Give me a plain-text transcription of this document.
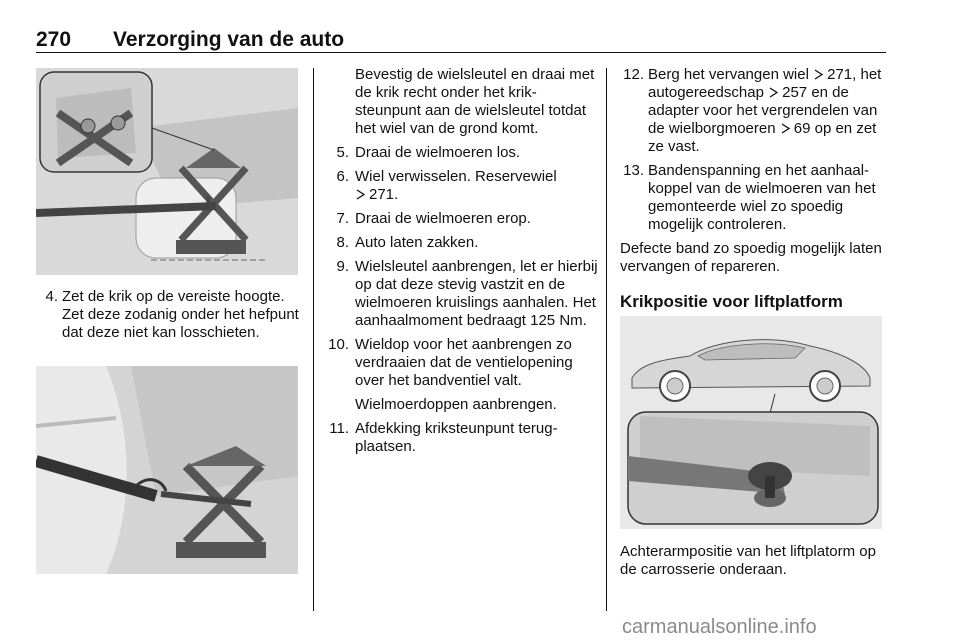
270 Verzorging van de auto
4. Zet de krik op de vereiste hoogte. Zet deze zodanig onder het hefpunt dat deze niet kan losschieten.

Bevestig de wielsleutel en draai met de krik recht onder het krik-steunpunt aan de wielsleutel totdat het wiel van de grond komt.

5. Draai de wielmoeren los.
6. Wiel verwisselen. Reservewiel
271.
7. Draai de wielmoeren erop.
8. Auto laten zakken.
9. Wielsleutel aanbrengen, let er hierbij op dat deze stevig vastzit en de wielmoeren kruislings aanhalen. Het aanhaalmoment bedraagt 125 Nm.
10. Wieldop voor het aanbrengen zo verdraaien dat de ventielopening over het bandventiel valt.

Wielmoerdoppen aanbrengen.

11. Afdekking kriksteunpunt terug-plaatsen.
12. Berg het vervangen wiel 271, het autogereedschap 257 en de adapter voor het vergrendelen van de wielborgmoeren 69 op en zet ze vast.
13. Bandenspanning en het aanhaal-koppel van de wielmoeren van het gemonteerde wiel zo spoedig mogelijk controleren.

Defecte band zo spoedig mogelijk laten vervangen of repareren.

Krikpositie voor liftplatform

Achterarmpositie van het liftplatorm op de carrosserie onderaan.

carmanualsonline.info
